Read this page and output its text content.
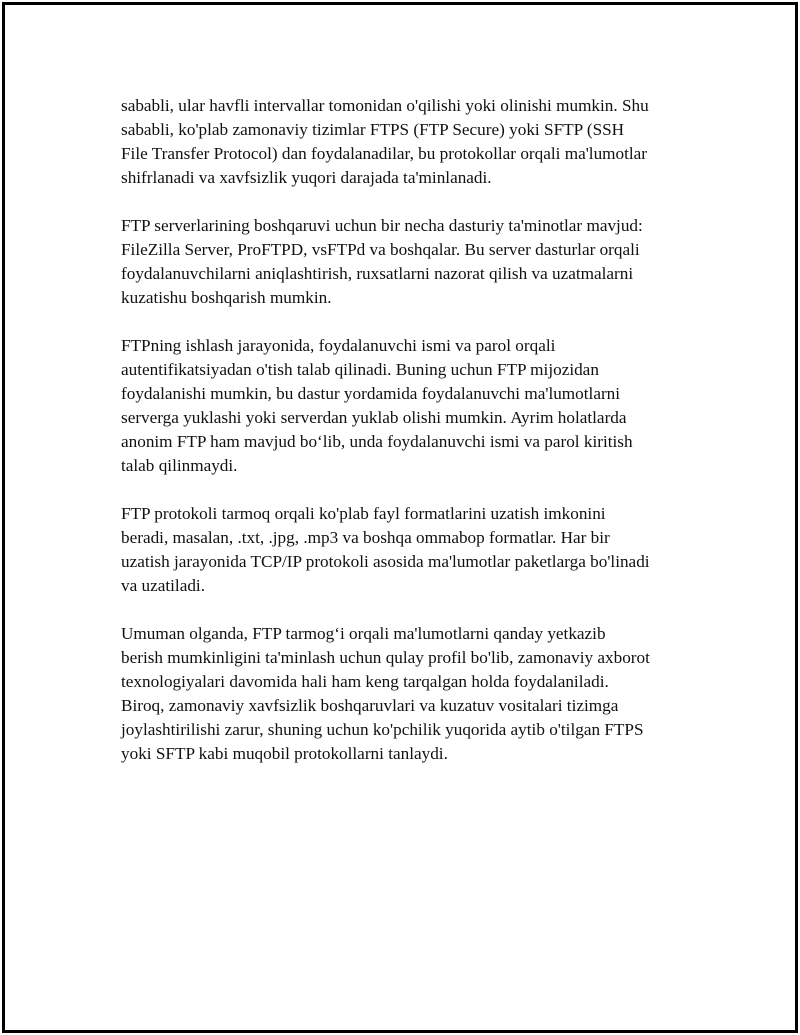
sababli, ular havfli intervallar tomonidan o'qilishi yoki olinishi mumkin. Shu
sababli, ko'plab zamonaviy tizimlar FTPS (FTP Secure) yoki SFTP (SSH
File Transfer Protocol) dan foydalanadilar, bu protokollar orqali ma'lumotlar
shifrlanadi va xavfsizlik yuqori darajada ta'minlanadi.

FTP serverlarining boshqaruvi uchun bir necha dasturiy ta'minotlar mavjud:
FileZilla Server, ProFTPD, vsFTPd va boshqalar. Bu server dasturlar orqali
foydalanuvchilarni aniqlashtirish, ruxsatlarni nazorat qilish va uzatmalarni
kuzatishu boshqarish mumkin.

FTPning ishlash jarayonida, foydalanuvchi ismi va parol orqali
autentifikatsiyadan o'tish talab qilinadi. Buning uchun FTP mijozidan
foydalanishi mumkin, bu dastur yordamida foydalanuvchi ma'lumotlarni
serverga yuklashi yoki serverdan yuklab olishi mumkin. Ayrim holatlarda
anonim FTP ham mavjud bo‘lib, unda foydalanuvchi ismi va parol kiritish
talab qilinmaydi.

FTP protokoli tarmoq orqali ko'plab fayl formatlarini uzatish imkonini
beradi, masalan, .txt, .jpg, .mp3 va boshqa ommabop formatlar. Har bir
uzatish jarayonida TCP/IP protokoli asosida ma'lumotlar paketlarga bo'linadi
va uzatiladi.

Umuman olganda, FTP tarmog‘i orqali ma'lumotlarni qanday yetkazib
berish mumkinligini ta'minlash uchun qulay profil bo'lib, zamonaviy axborot
texnologiyalari davomida hali ham keng tarqalgan holda foydalaniladi.
Biroq, zamonaviy xavfsizlik boshqaruvlari va kuzatuv vositalari tizimga
joylashtirilishi zarur, shuning uchun ko'pchilik yuqorida aytib o'tilgan FTPS
yoki SFTP kabi muqobil protokollarni tanlaydi.
